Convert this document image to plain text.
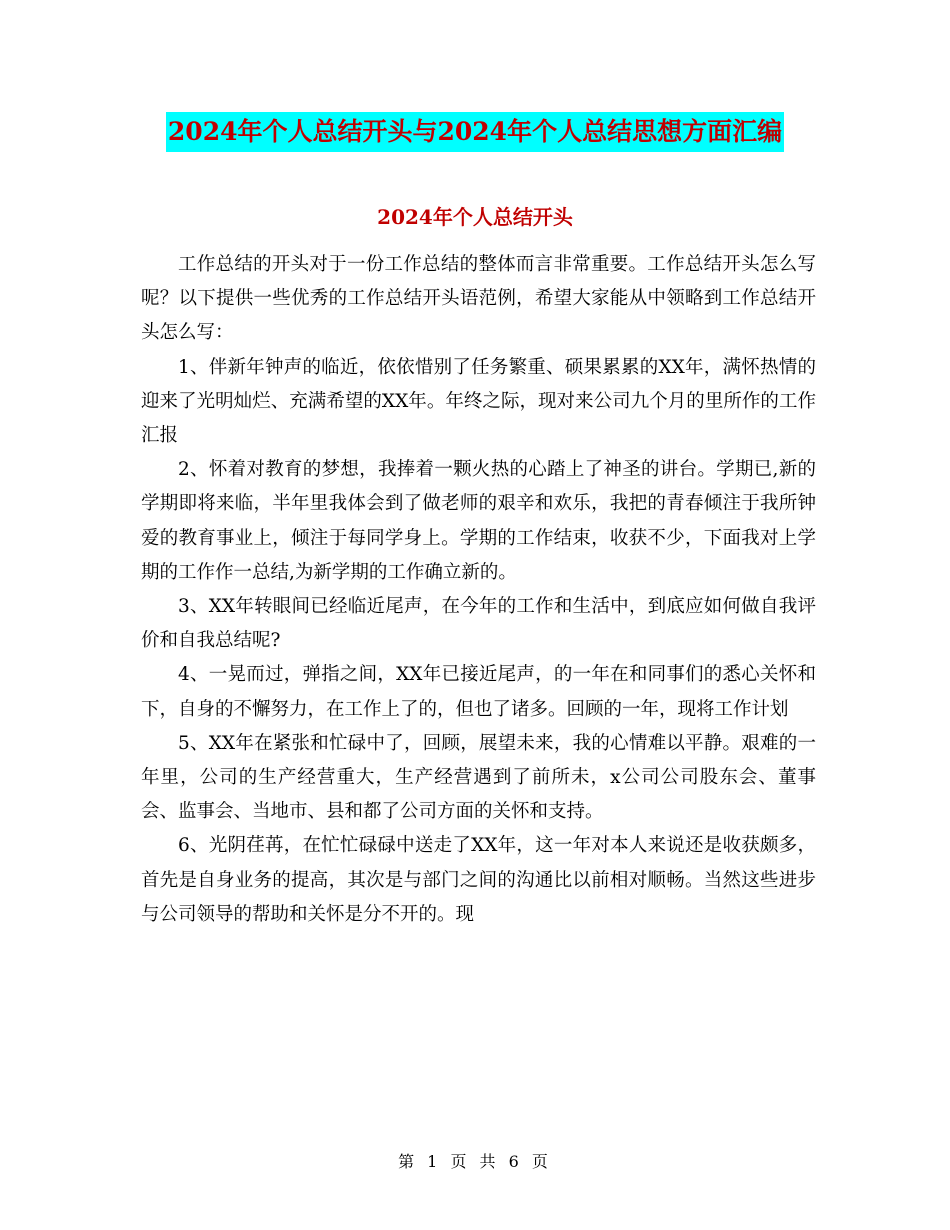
2024年个人总结开头与2024年个人总结思想方面汇编
2024年个人总结开头

工作总结的开头对于一份工作总结的整体而言非常重要。工作总结开头怎么写呢？以下提供一些优秀的工作总结开头语范例，希望大家能从中领略到工作总结开头怎么写：

1、伴新年钟声的临近，依依惜别了任务繁重、硕果累累的XX年，满怀热情的迎来了光明灿烂、充满希望的XX年。年终之际，现对来公司九个月的里所作的工作汇报

2、怀着对教育的梦想，我捧着一颗火热的心踏上了神圣的讲台。学期已,新的学期即将来临，半年里我体会到了做老师的艰辛和欢乐，我把的青春倾注于我所钟爱的教育事业上，倾注于每同学身上。学期的工作结束，收获不少，下面我对上学期的工作作一总结,为新学期的工作确立新的。

3、XX年转眼间已经临近尾声，在今年的工作和生活中，到底应如何做自我评价和自我总结呢?

4、一晃而过，弹指之间，XX年已接近尾声，的一年在和同事们的悉心关怀和下，自身的不懈努力，在工作上了的，但也了诸多。回顾的一年，现将工作计划

5、XX年在紧张和忙碌中了，回顾，展望未来，我的心情难以平静。艰难的一年里，公司的生产经营重大，生产经营遇到了前所未，x公司公司股东会、董事会、监事会、当地市、县和都了公司方面的关怀和支持。

6、光阴荏苒，在忙忙碌碌中送走了XX年，这一年对本人来说还是收获颇多，首先是自身业务的提高，其次是与部门之间的沟通比以前相对顺畅。当然这些进步与公司领导的帮助和关怀是分不开的。现

第 1 页 共 6 页
